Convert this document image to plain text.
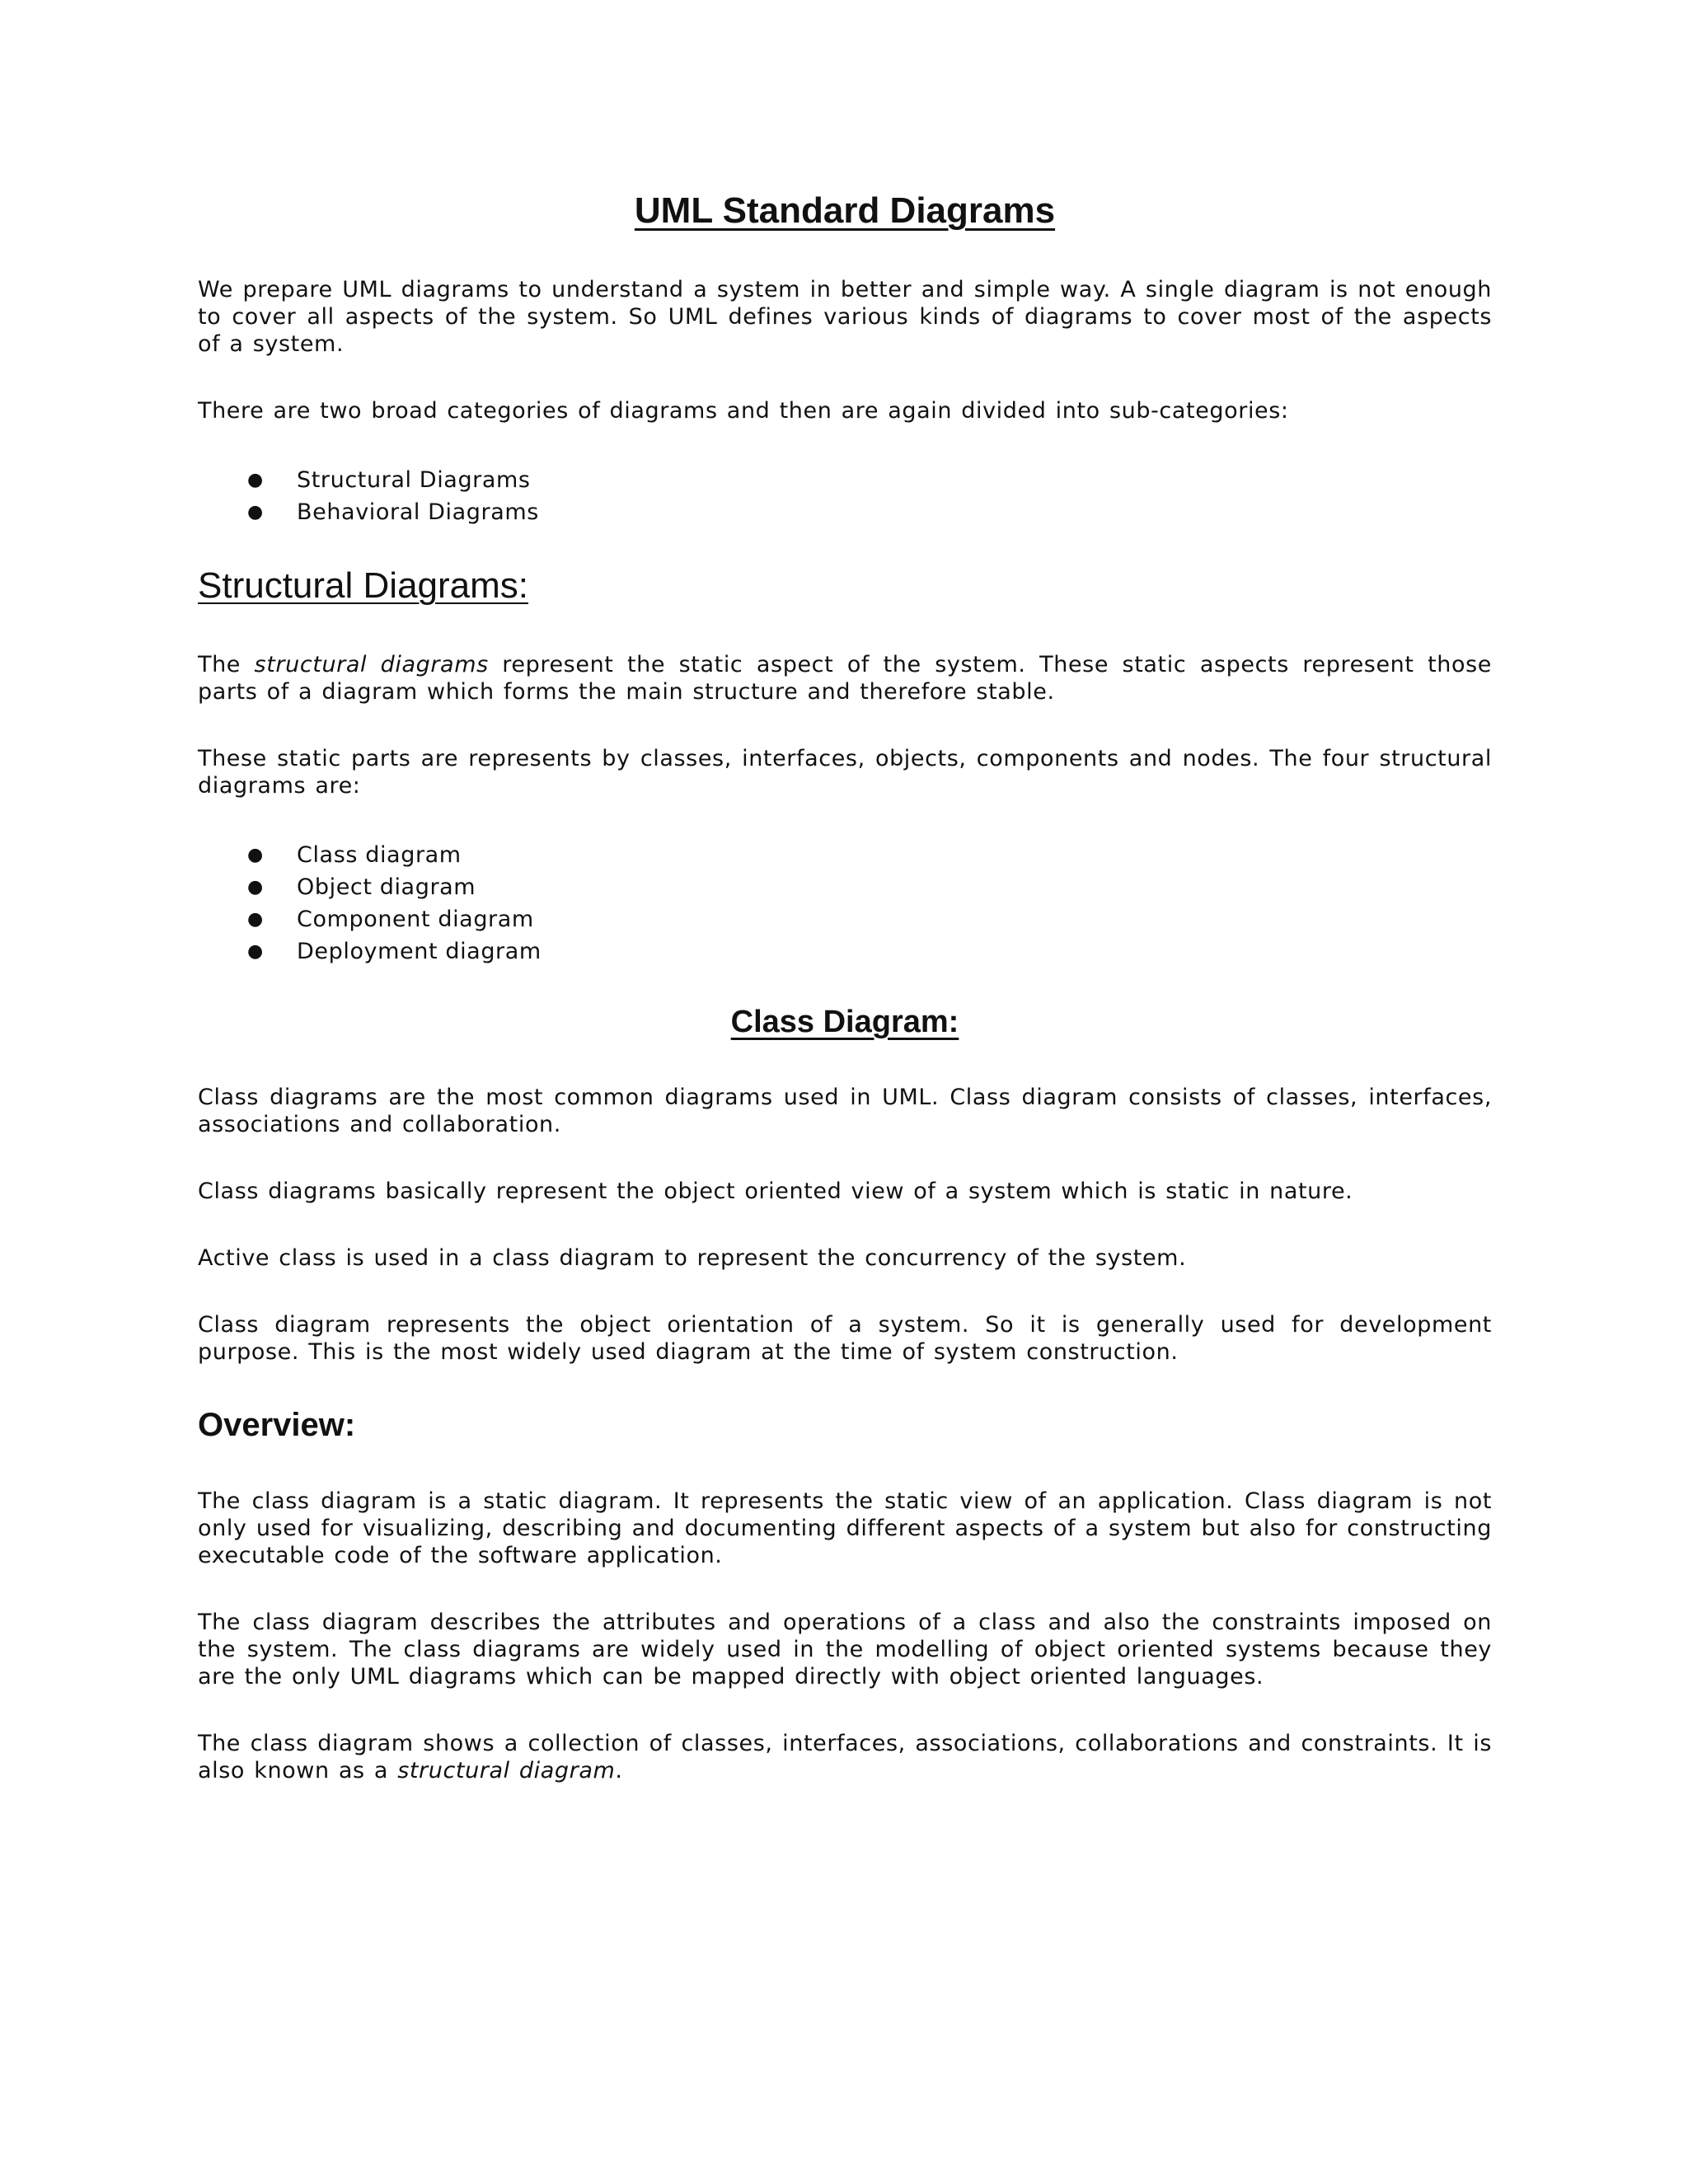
UML Standard Diagrams

We prepare UML diagrams to understand a system in better and simple way. A single diagram is not enough to cover all aspects of the system. So UML defines various kinds of diagrams to cover most of the aspects of a system.

There are two broad categories of diagrams and then are again divided into sub-categories:

● Structural Diagrams
● Behavioral Diagrams
Structural Diagrams:

The structural diagrams represent the static aspect of the system. These static aspects represent those parts of a diagram which forms the main structure and therefore stable.

These static parts are represents by classes, interfaces, objects, components and nodes. The four structural diagrams are:

● Class diagram
● Object diagram
● Component diagram
● Deployment diagram
Class Diagram:

Class diagrams are the most common diagrams used in UML. Class diagram consists of classes, interfaces, associations and collaboration.

Class diagrams basically represent the object oriented view of a system which is static in nature.

Active class is used in a class diagram to represent the concurrency of the system.

Class diagram represents the object orientation of a system. So it is generally used for development purpose. This is the most widely used diagram at the time of system construction.

Overview:

The class diagram is a static diagram. It represents the static view of an application. Class diagram is not only used for visualizing, describing and documenting different aspects of a system but also for constructing executable code of the software application.

The class diagram describes the attributes and operations of a class and also the constraints imposed on the system. The class diagrams are widely used in the modelling of object oriented systems because they are the only UML diagrams which can be mapped directly with object oriented languages.

The class diagram shows a collection of classes, interfaces, associations, collaborations and constraints. It is also known as a structural diagram.
